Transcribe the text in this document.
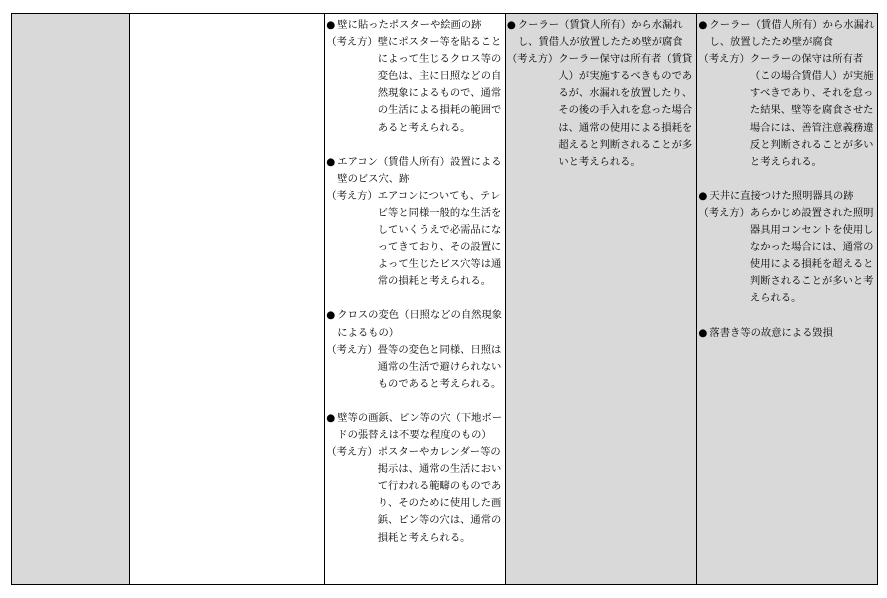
● 壁に貼ったポスターや絵画の跡
（考え方） 壁にポスター等を貼ることによって生じるクロス等の変色は、主に日照などの自然現象によるもので、通常の生活による損耗の範囲であると考えられる。
● エアコン（賃借人所有）設置による壁のビス穴、跡
（考え方） エアコンについても、テレビ等と同様一般的な生活をしていくうえで必需品になってきており、その設置によって生じたビス穴等は通常の損耗と考えられる。
● クロスの変色（日照などの自然現象によるもの）
（考え方） 畳等の変色と同様、日照は通常の生活で避けられないものであると考えられる。
● 壁等の画鋲、ピン等の穴（下地ボードの張替えは不要な程度のもの）
（考え方） ポスターやカレンダー等の掲示は、通常の生活において行われる範疇のものであり、そのために使用した画鋲、ピン等の穴は、通常の損耗と考えられる。
● クーラー（賃貸人所有）から水漏れし、賃借人が放置したため壁が腐食
（考え方） クーラー保守は所有者（賃貸人）が実施するべきものであるが、水漏れを放置したり、その後の手入れを怠った場合は、通常の使用による損耗を超えると判断されることが多いと考えられる。
● クーラー（賃借人所有）から水漏れし、放置したため壁が腐食
（考え方） クーラーの保守は所有者（この場合賃借人）が実施すべきであり、それを怠った結果、壁等を腐食させた場合には、善管注意義務違反と判断されることが多いと考えられる。
● 天井に直接つけた照明器具の跡
（考え方） あらかじめ設置された照明器具用コンセントを使用しなかった場合には、通常の使用による損耗を超えると判断されることが多いと考えられる。
● 落書き等の故意による毀損
